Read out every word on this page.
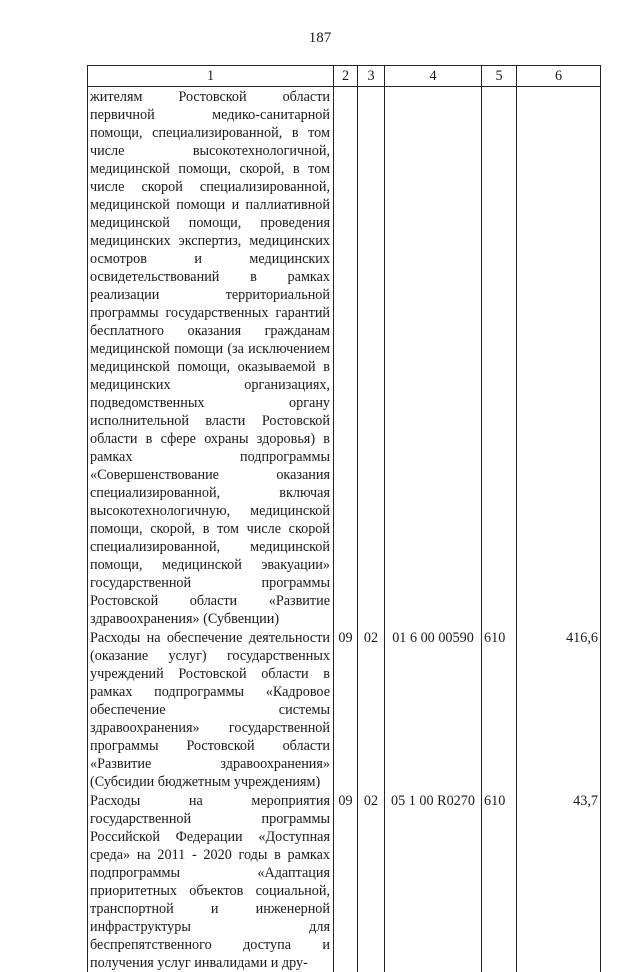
187
1	2	3	4	5	6
жителям Ростовской области первичной медико-санитарной помощи, специализированной, в том числе высокотехнологичной, медицинской помощи, скорой, в том числе скорой специализированной, медицинской помощи и паллиативной медицинской помощи, проведения медицинских экспертиз, медицинских осмотров и медицинских освидетельствований в рамках реализации территориальной программы государственных гарантий бесплатного оказания гражданам медицинской помощи (за исключением медицинской помощи, оказываемой в медицинских организациях, подведомственных органу исполнительной власти Ростовской области в сфере охраны здоровья) в рамках подпрограммы «Совершенствование оказания специализированной, включая высокотехнологичную, медицинской помощи, скорой, в том числе скорой специализированной, медицинской помощи, медицинской эвакуации» государственной программы Ростовской области «Развитие здравоохранения» (Субвенции)					
Расходы на обеспечение деятельности (оказание услуг) государственных учреждений Ростовской области в рамках подпрограммы «Кадровое обеспечение системы здравоохранения» государственной программы Ростовской области «Развитие здравоохранения» (Субсидии бюджетным учреждениям)	09	02	01 6 00 00590	610	416,6
Расходы на мероприятия государственной программы Российской Федерации «Доступная среда» на 2011 - 2020 годы в рамках подпрограммы «Адаптация приоритетных объектов социальной, транспортной и инженерной инфраструктуры для беспрепятственного доступа и получения услуг инвалидами и дру-	09	02	05 1 00 R0270	610	43,7
